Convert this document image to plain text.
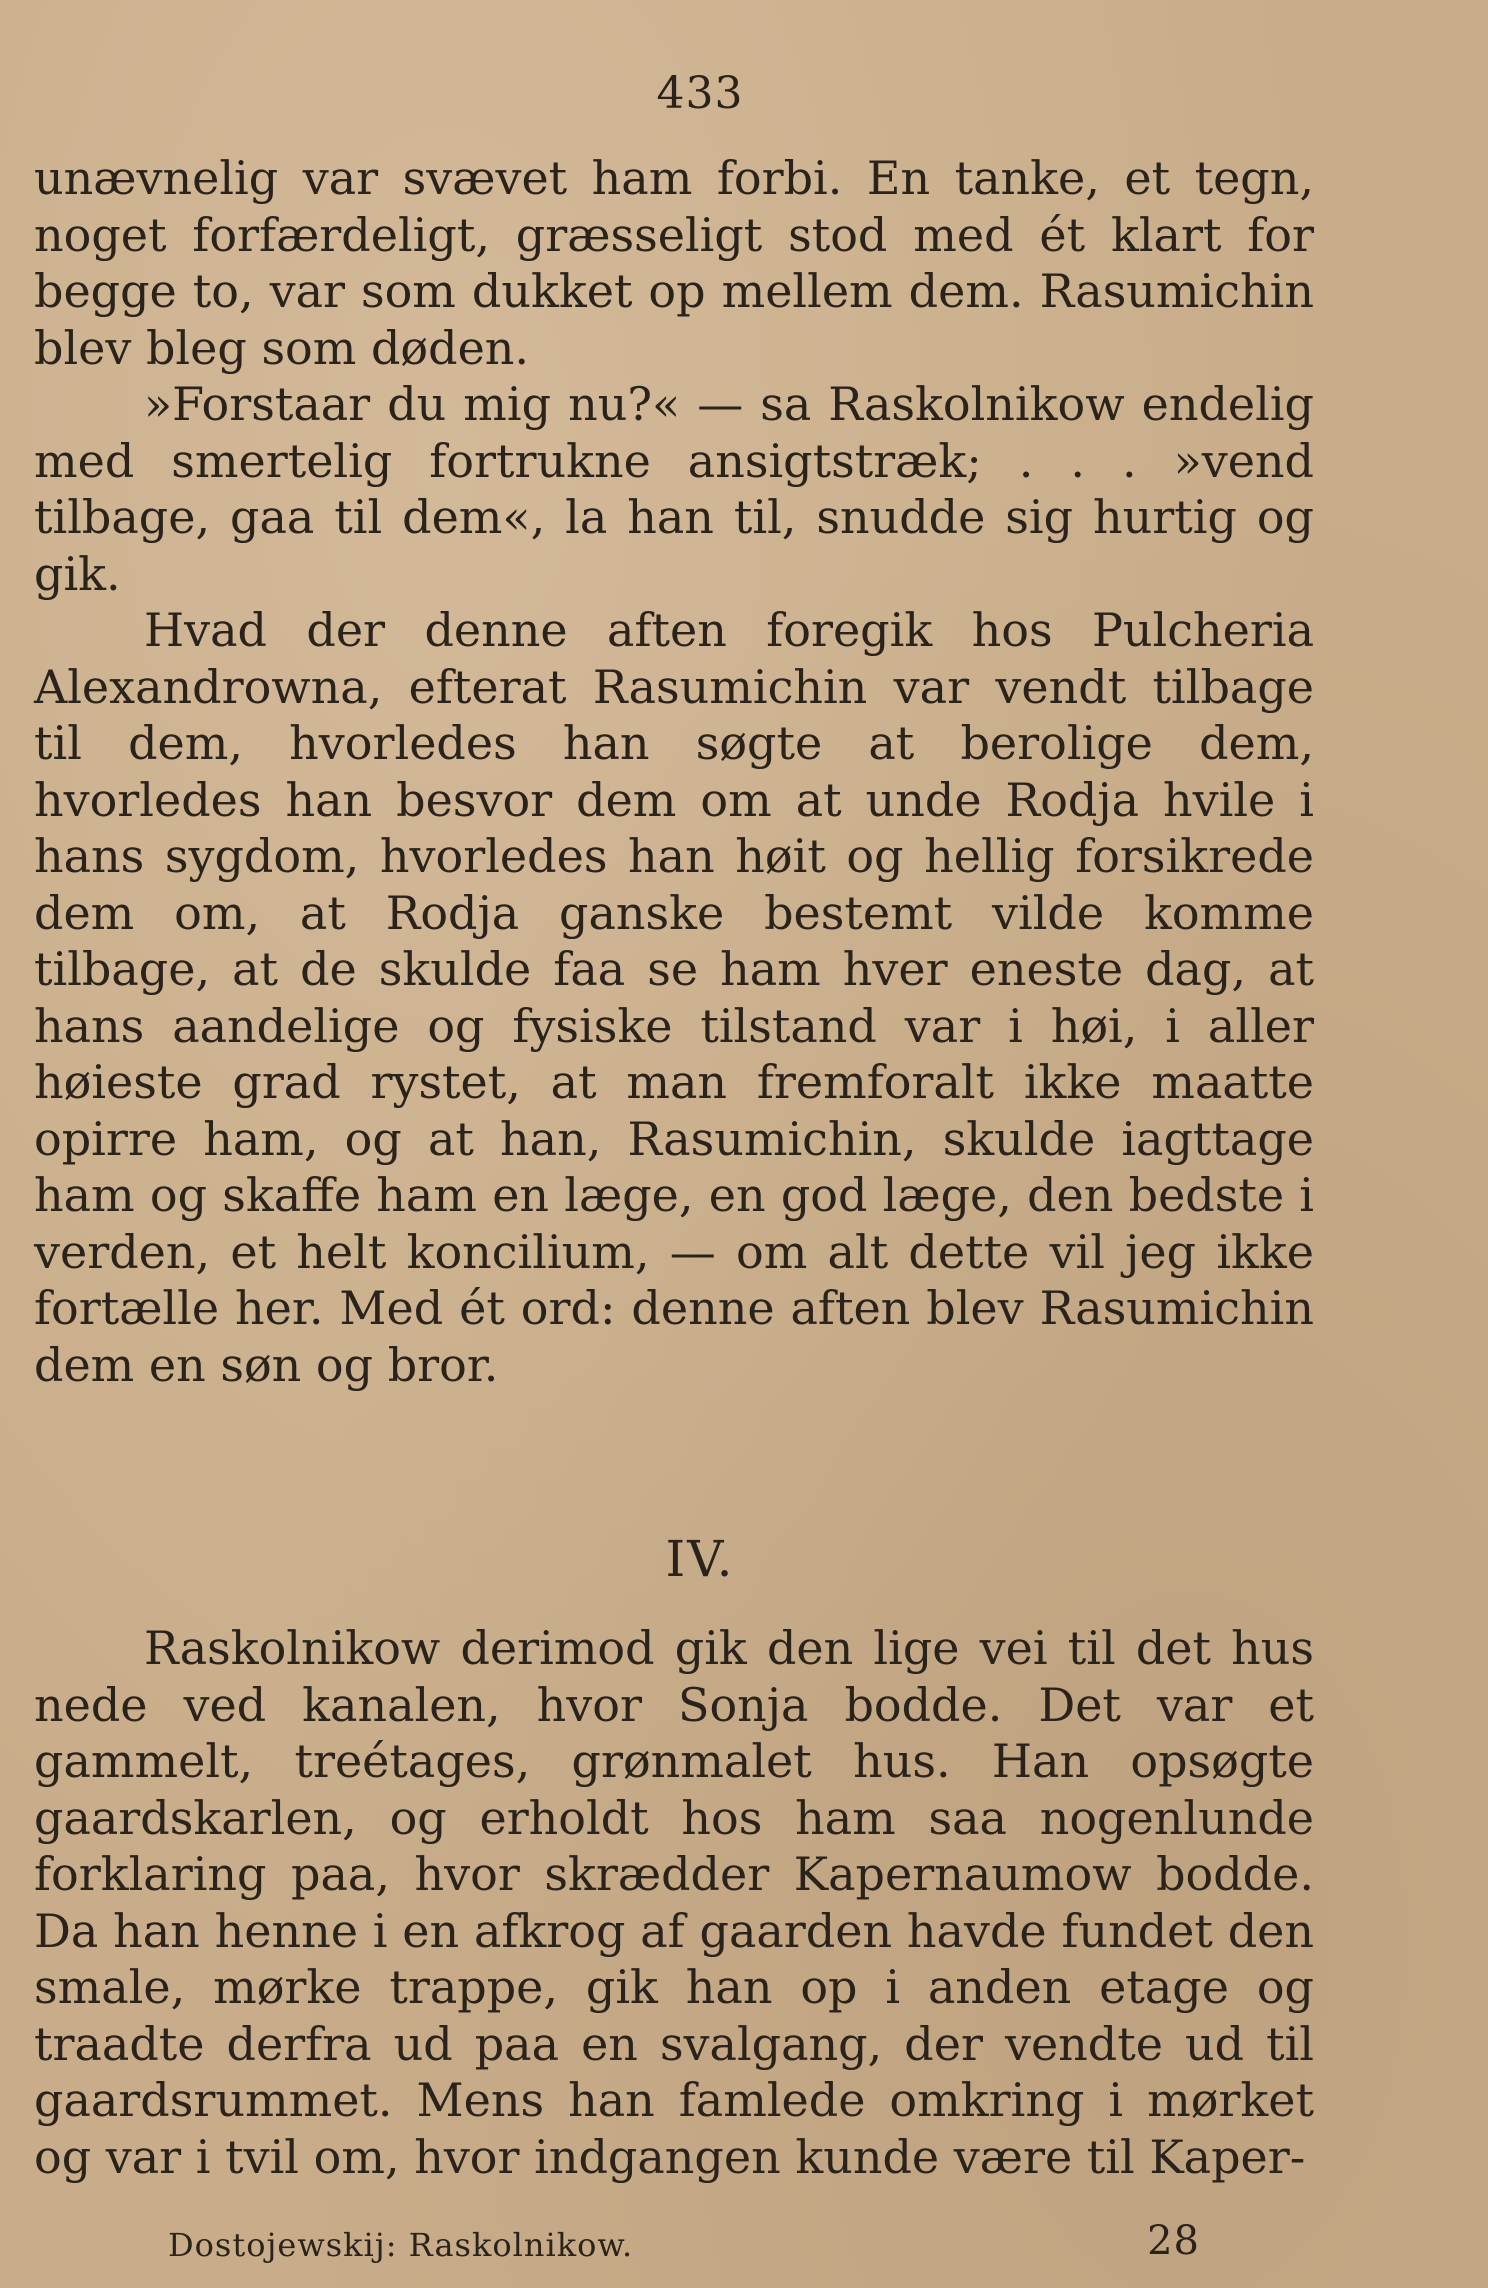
433

unævnelig var svævet ham forbi. En tanke, et tegn, noget forfærdeligt, græsseligt stod med ét klart for begge to, var som dukket op mellem dem. Rasumichin blev bleg som døden.

»Forstaar du mig nu?« — sa Raskolnikow endelig med smertelig fortrukne ansigtstræk; . . . »vend tilbage, gaa til dem«, la han til, snudde sig hurtig og gik.

Hvad der denne aften foregik hos Pulcheria Alexandrowna, efterat Rasumichin var vendt tilbage til dem, hvorledes han søgte at berolige dem, hvorledes han besvor dem om at unde Rodja hvile i hans sygdom, hvorledes han høit og hellig forsikrede dem om, at Rodja ganske bestemt vilde komme tilbage, at de skulde faa se ham hver eneste dag, at hans aandelige og fysiske tilstand var i høi, i aller høieste grad rystet, at man fremforalt ikke maatte opirre ham, og at han, Rasumichin, skulde iagttage ham og skaffe ham en læge, en god læge, den bedste i verden, et helt koncilium, — om alt dette vil jeg ikke fortælle her. Med ét ord: denne aften blev Rasumichin dem en søn og bror.

IV.

Raskolnikow derimod gik den lige vei til det hus nede ved kanalen, hvor Sonja bodde. Det var et gammelt, treétages, grønmalet hus. Han opsøgte gaardskarlen, og erholdt hos ham saa nogenlunde forklaring paa, hvor skrædder Kapernaumow bodde. Da han henne i en afkrog af gaarden havde fundet den smale, mørke trappe, gik han op i anden etage og traadte derfra ud paa en svalgang, der vendte ud til gaardsrummet. Mens han famlede omkring i mørket og var i tvil om, hvor indgangen kunde være til Kaper-

Dostojewskij: Raskolnikow.	28
